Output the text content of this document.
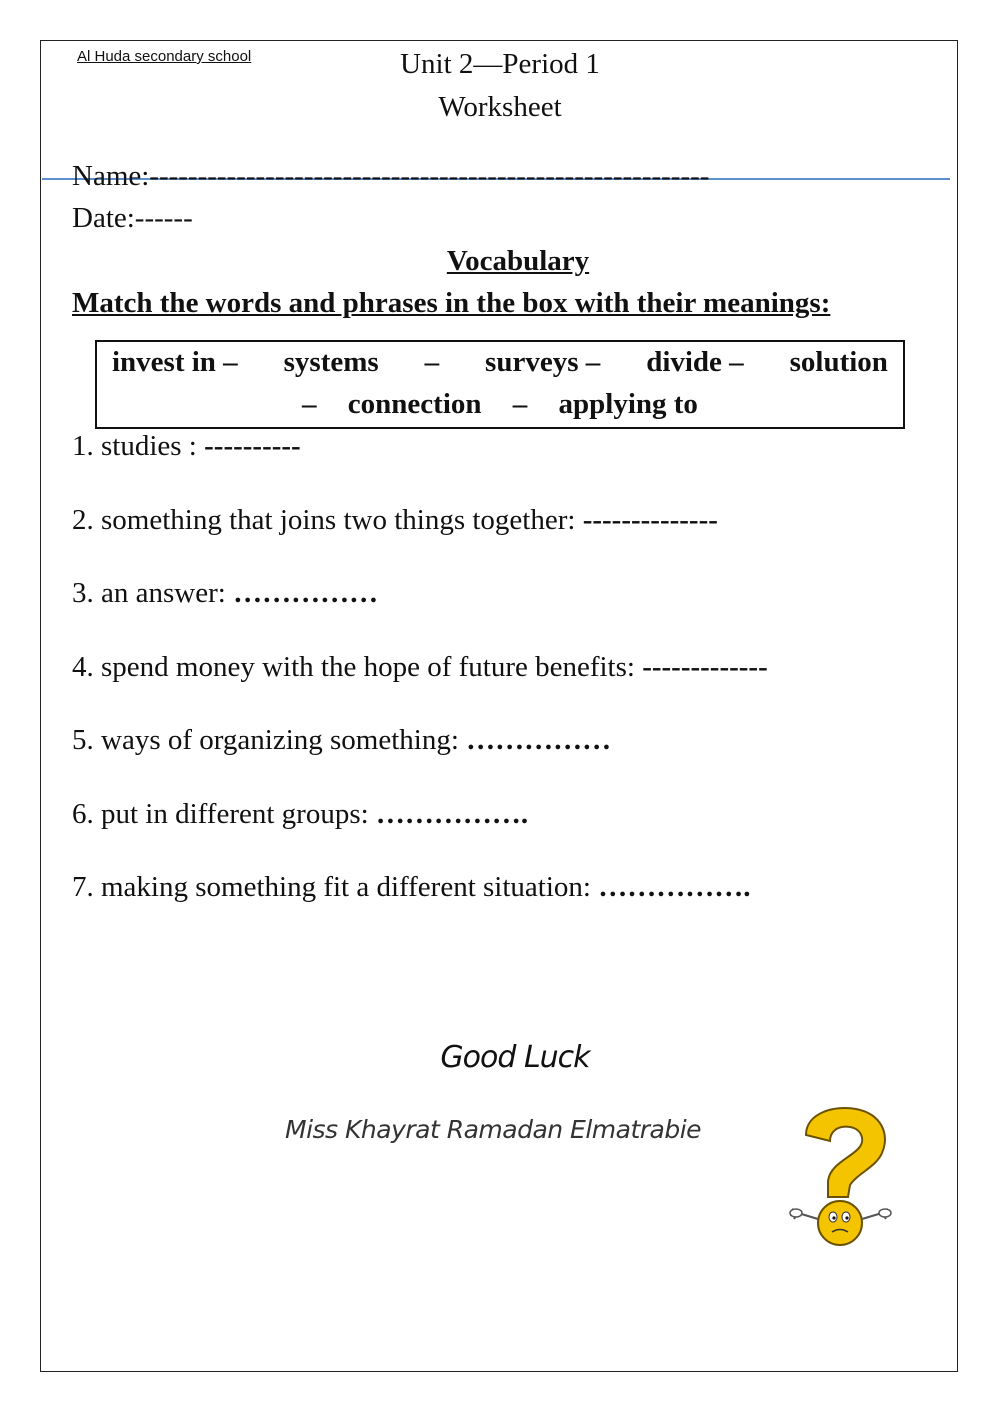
Al Huda secondary school	Unit 2—Period 1
Worksheet
Name:----------------------------------------------------------
Date:------
Vocabulary
Match the words and phrases in the box with their meanings:
invest in – systems – surveys – divide – solution
– connection – applying to
1. studies : ----------
2. something that joins two things together: --------------
3. an answer: ……………
4. spend money with the hope of future benefits: -------------
5. ways of organizing something: ……………
6. put in different groups: …………….
7. making something fit a different situation: …………….
Good Luck
Miss Khayrat Ramadan Elmatrabie
